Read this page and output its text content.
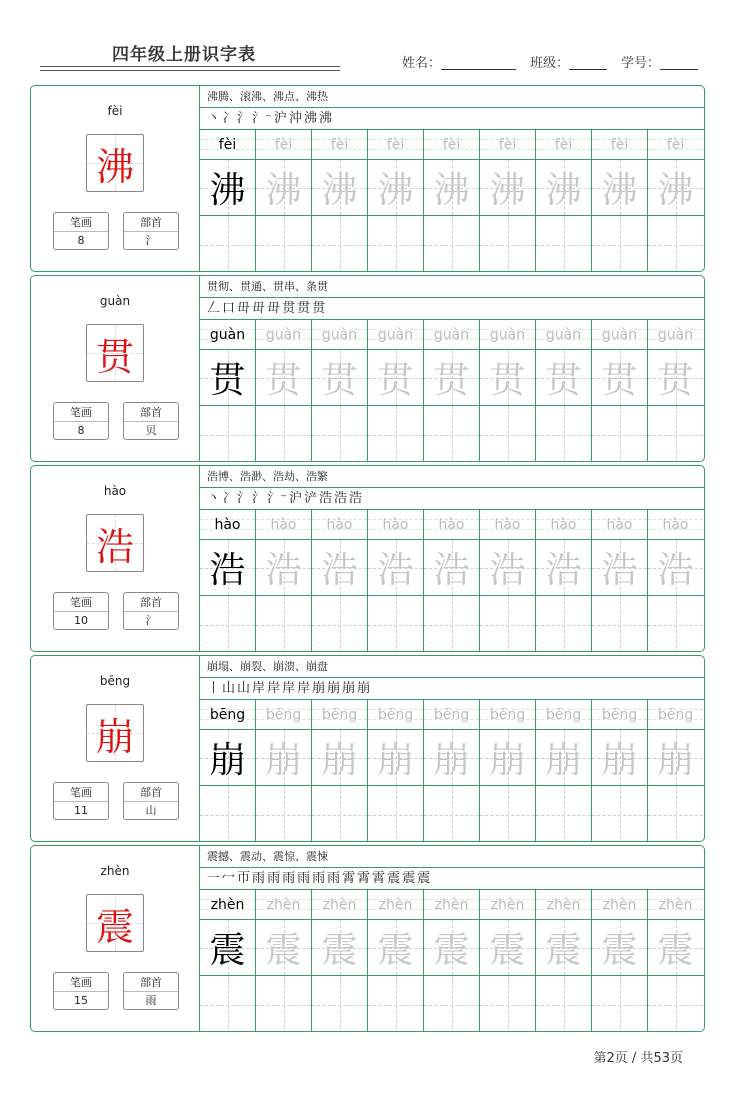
四年级上册识字表	姓名：	班级：	学号：
fèi
沸
笔画
8
部首
氵
沸腾、滚沸、沸点、沸热
丶 冫 氵 氵⁻ 沪 沖 沸 沸
fèi	fèi	fèi	fèi	fèi	fèi	fèi	fèi	fèi
沸 沸 沸 沸 沸 沸 沸 沸 沸
guàn
贯
笔画
8
部首
贝
贯彻、贯通、贯串、条贯
𠃋 口 毌 毌 毌 贯 贯 贯
guàn	guàn	guàn	guàn	guàn	guàn	guàn	guàn	guàn
贯 贯 贯 贯 贯 贯 贯 贯 贯
hào
浩
笔画
10
部首
氵
浩博、浩渺、浩劫、浩繁
丶 冫 氵 氵 氵⁻ 沪 浐 浩 浩 浩
hào	hào	hào	hào	hào	hào	hào	hào	hào
浩 浩 浩 浩 浩 浩 浩 浩 浩
bēng
崩
笔画
11
部首
山
崩塌、崩裂、崩溃、崩盘
丨 山 山 岸 岸 岸 岸 崩 崩 崩 崩
bēng	bēng	bēng	bēng	bēng	bēng	bēng	bēng	bēng
崩 崩 崩 崩 崩 崩 崩 崩 崩
zhèn
震
笔画
15
部首
雨
震撼、震动、震惊、震悚
一 冖 帀 雨 雨 雨 雨 雨 雨 霄 霄 霄 震 震 震
zhèn	zhèn	zhèn	zhèn	zhèn	zhèn	zhèn	zhèn	zhèn
震 震 震 震 震 震 震 震 震
第2页 / 共53页
